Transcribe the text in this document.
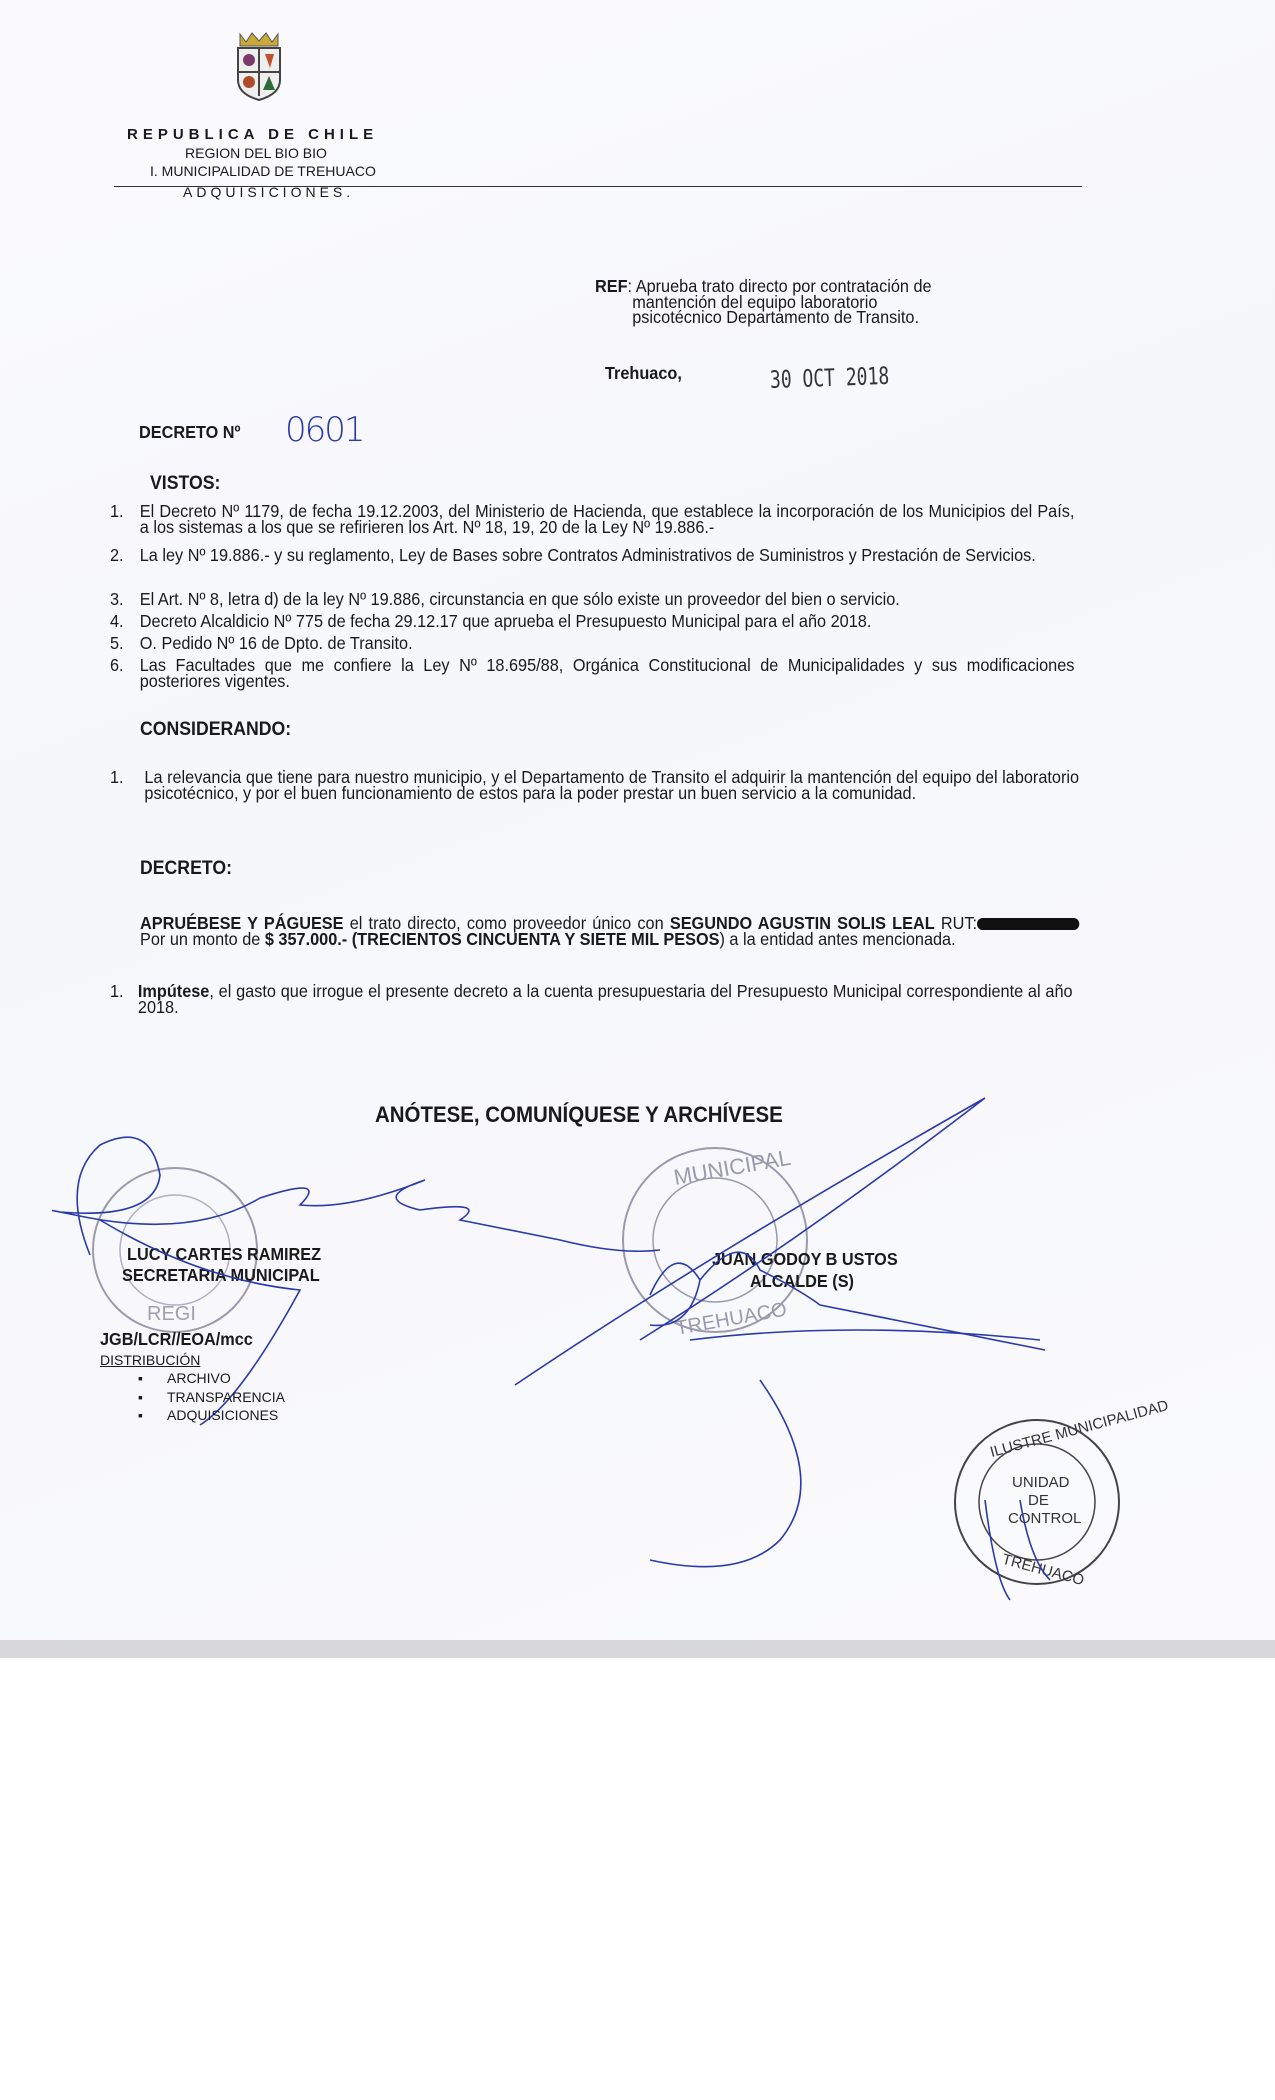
REPUBLICA DE CHILE
REGION DEL BIO BIO
I. MUNICIPALIDAD DE TREHUACO
ADQUISICIONES.
REF: Aprueba trato directo por contratación de
mantención del equipo laboratorio
psicotécnico Departamento de Transito.
Trehuaco,	30 OCT 2018
DECRETO Nº 0601
VISTOS:
1. El Decreto Nº 1179, de fecha 19.12.2003, del Ministerio de Hacienda, que establece la incorporación de los Municipios del País, a los sistemas a los que se refirieren los Art. Nº 18, 19, 20 de la Ley Nº 19.886.-
2. La ley Nº 19.886.- y su reglamento, Ley de Bases sobre Contratos Administrativos de Suministros y Prestación de Servicios.
3. El Art. Nº 8, letra d) de la ley Nº 19.886, circunstancia en que sólo existe un proveedor del bien o servicio.
4. Decreto Alcaldicio Nº 775 de fecha 29.12.17 que aprueba el Presupuesto Municipal para el año 2018.
5. O. Pedido Nº 16 de Dpto. de Transito.
6. Las Facultades que me confiere la Ley Nº 18.695/88, Orgánica Constitucional de Municipalidades y sus modificaciones posteriores vigentes.
CONSIDERANDO:
1. La relevancia que tiene para nuestro municipio, y el Departamento de Transito el adquirir la mantención del equipo del laboratorio psicotécnico, y por el buen funcionamiento de estos para la poder prestar un buen servicio a la comunidad.
DECRETO:
APRUÉBESE Y PÁGUESE el trato directo, como proveedor único con SEGUNDO AGUSTIN SOLIS LEAL RUT: Por un monto de $ 357.000.- (TRECIENTOS CINCUENTA Y SIETE MIL PESOS) a la entidad antes mencionada.
1. Impútese, el gasto que irrogue el presente decreto a la cuenta presupuestaria del Presupuesto Municipal correspondiente al año 2018.
ANÓTESE, COMUNÍQUESE Y ARCHÍVESE
REGI
MUNICIPAL
TREHUACO
UNIDAD
DE
CONTROL
ILUSTRE MUNICIPALIDAD
TREHUACO
LUCY CARTES RAMIREZ
SECRETARIA MUNICIPAL
JUAN GODOY B USTOS
ALCALDE (S)
JGB/LCR//EOA/mcc
DISTRIBUCIÓN
▪ ARCHIVO
▪ TRANSPARENCIA
▪ ADQUISICIONES
